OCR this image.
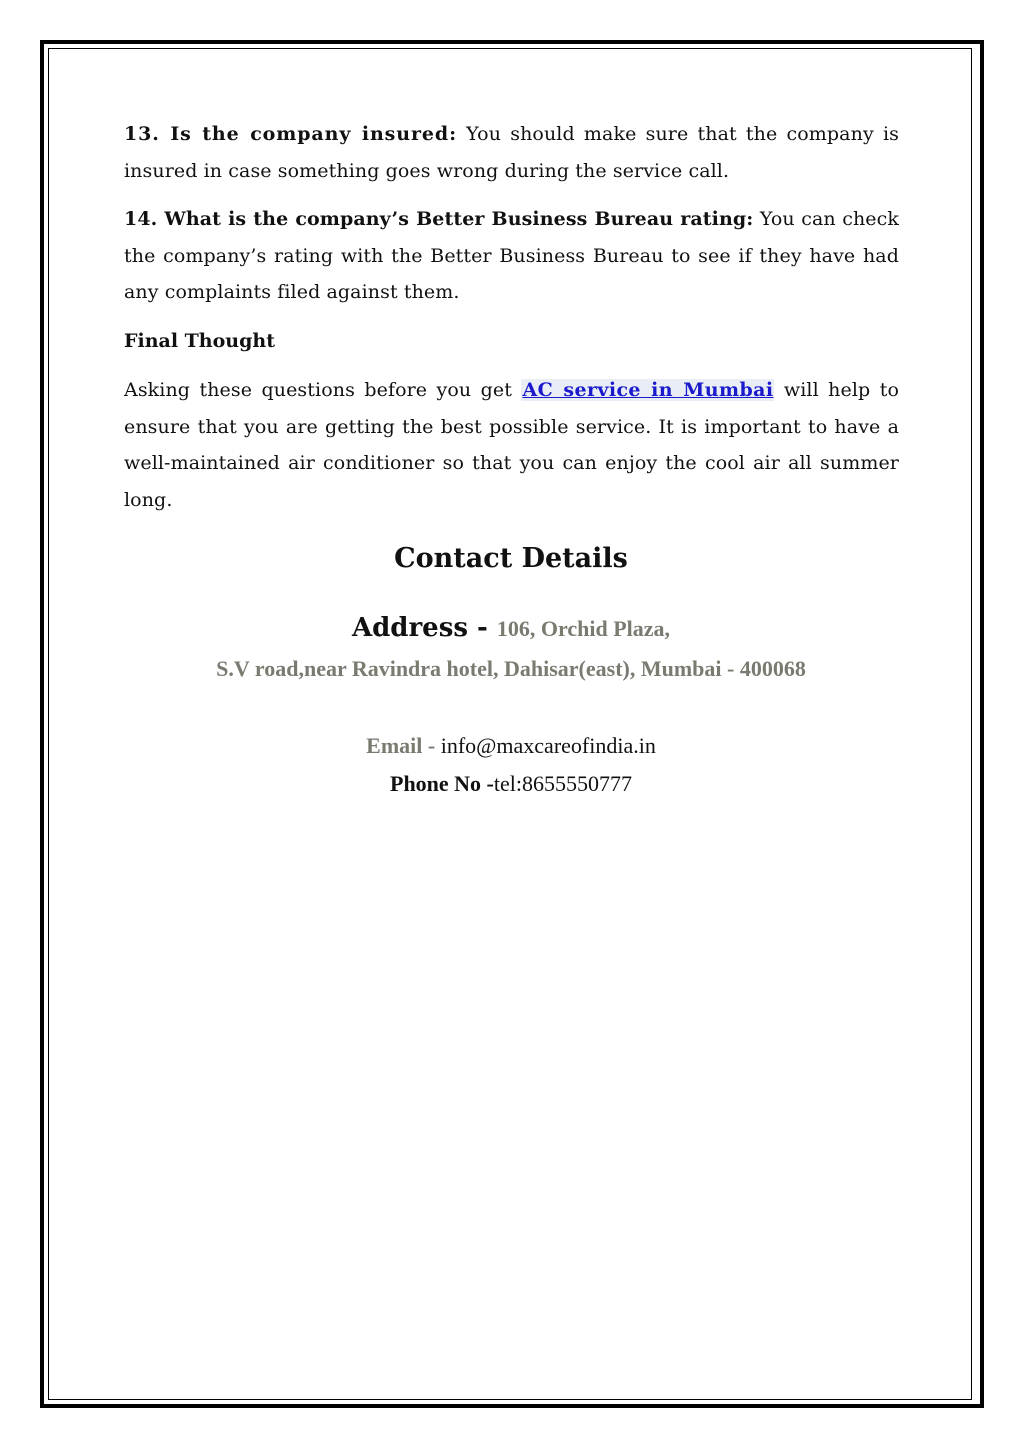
13. Is the company insured: You should make sure that the company is insured in case something goes wrong during the service call.

14. What is the company’s Better Business Bureau rating: You can check the company’s rating with the Better Business Bureau to see if they have had any complaints filed against them.

Final Thought

Asking these questions before you get AC service in Mumbai will help to ensure that you are getting the best possible service. It is important to have a well-maintained air conditioner so that you can enjoy the cool air all summer long.

Contact Details

Address - 106, Orchid Plaza,

S.V road,near Ravindra hotel, Dahisar(east), Mumbai - 400068

Email - info@maxcareofindia.in

Phone No -tel:8655550777
